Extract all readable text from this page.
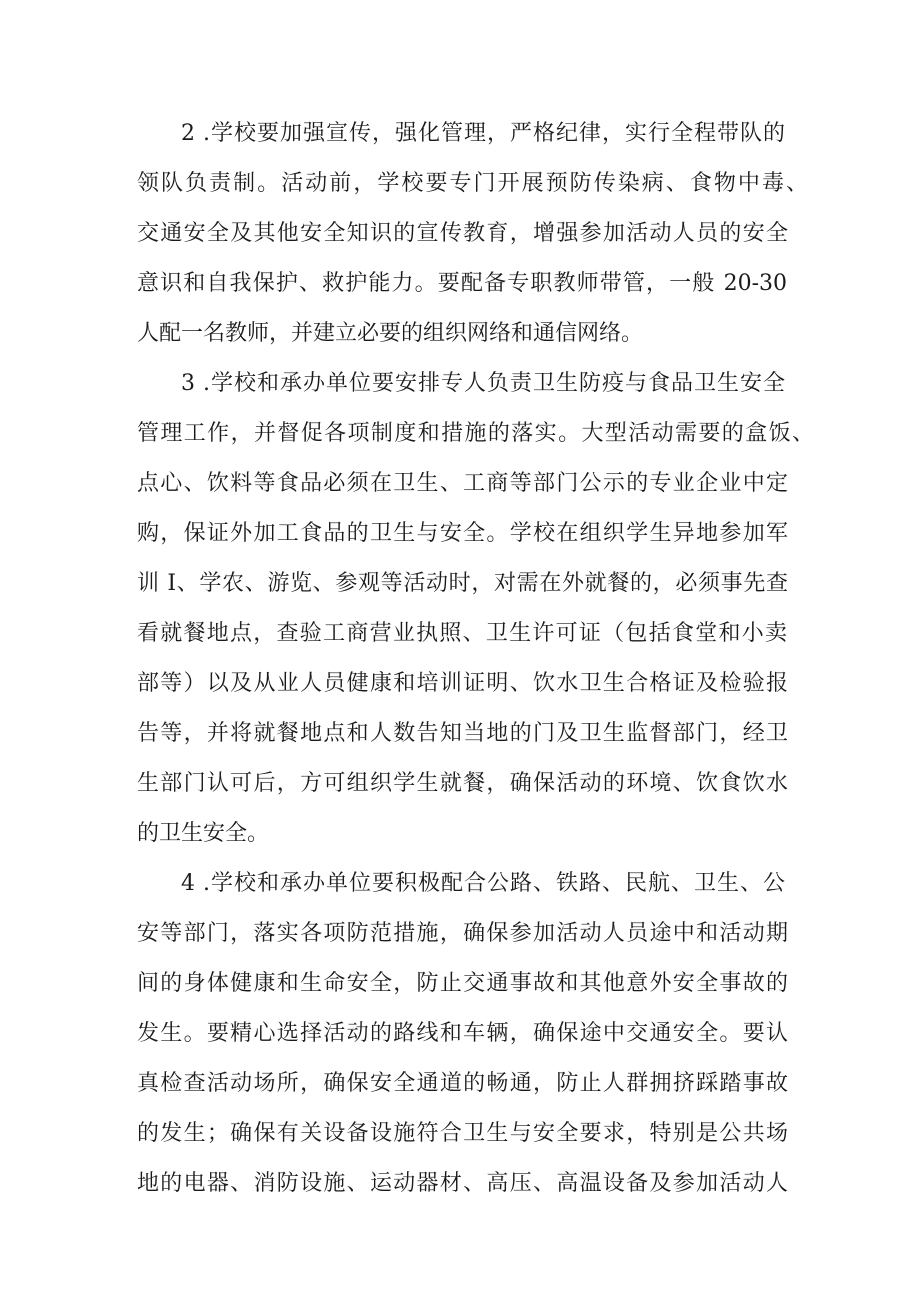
2 .学校要加强宣传，强化管理，严格纪律，实行全程带队的

领队负责制。活动前，学校要专门开展预防传染病、食物中毒、

交通安全及其他安全知识的宣传教育，增强参加活动人员的安全

意识和自我保护、救护能力。要配备专职教师带管，一般 20-30

人配一名教师，并建立必要的组织网络和通信网络。

3 .学校和承办单位要安排专人负责卫生防疫与食品卫生安全

管理工作，并督促各项制度和措施的落实。大型活动需要的盒饭、

点心、饮料等食品必须在卫生、工商等部门公示的专业企业中定

购，保证外加工食品的卫生与安全。学校在组织学生异地参加军

训 I、学农、游览、参观等活动时，对需在外就餐的，必须事先查

看就餐地点，查验工商营业执照、卫生许可证（包括食堂和小卖

部等）以及从业人员健康和培训证明、饮水卫生合格证及检验报

告等，并将就餐地点和人数告知当地的门及卫生监督部门，经卫

生部门认可后，方可组织学生就餐，确保活动的环境、饮食饮水

的卫生安全。

4 .学校和承办单位要积极配合公路、铁路、民航、卫生、公

安等部门，落实各项防范措施，确保参加活动人员途中和活动期

间的身体健康和生命安全，防止交通事故和其他意外安全事故的

发生。要精心选择活动的路线和车辆，确保途中交通安全。要认

真检查活动场所，确保安全通道的畅通，防止人群拥挤踩踏事故

的发生；确保有关设备设施符合卫生与安全要求，特别是公共场

地的电器、消防设施、运动器材、高压、高温设备及参加活动人
